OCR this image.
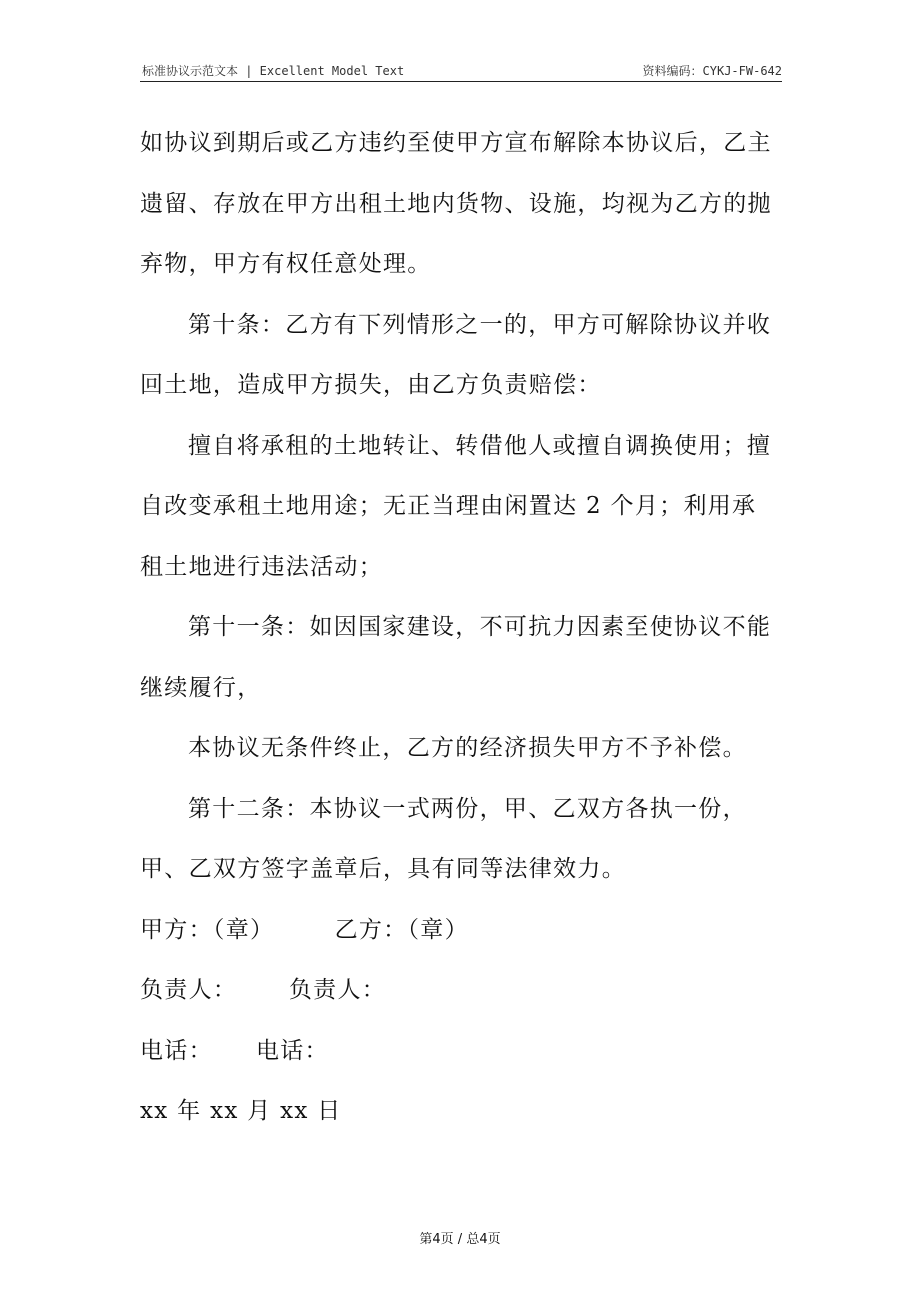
标准协议示范文本 | Excellent Model Text	资料编码：CYKJ-FW-642

如协议到期后或乙方违约至使甲方宣布解除本协议后，乙主遗留、存放在甲方出租土地内货物、设施，均视为乙方的抛弃物，甲方有权任意处理。

第十条：乙方有下列情形之一的，甲方可解除协议并收回土地，造成甲方损失，由乙方负责赔偿：

擅自将承租的土地转让、转借他人或擅自调换使用；擅自改变承租土地用途；无正当理由闲置达 2 个月；利用承租土地进行违法活动；

第十一条：如因国家建设，不可抗力因素至使协议不能继续履行，

本协议无条件终止，乙方的经济损失甲方不予补偿。

第十二条：本协议一式两份，甲、乙双方各执一份，甲、乙双方签字盖章后，具有同等法律效力。

甲方：（章）       乙方：（章）

负责人：      负责人：

电话：     电话：

xx 年 xx 月 xx 日

第4页 / 总4页
